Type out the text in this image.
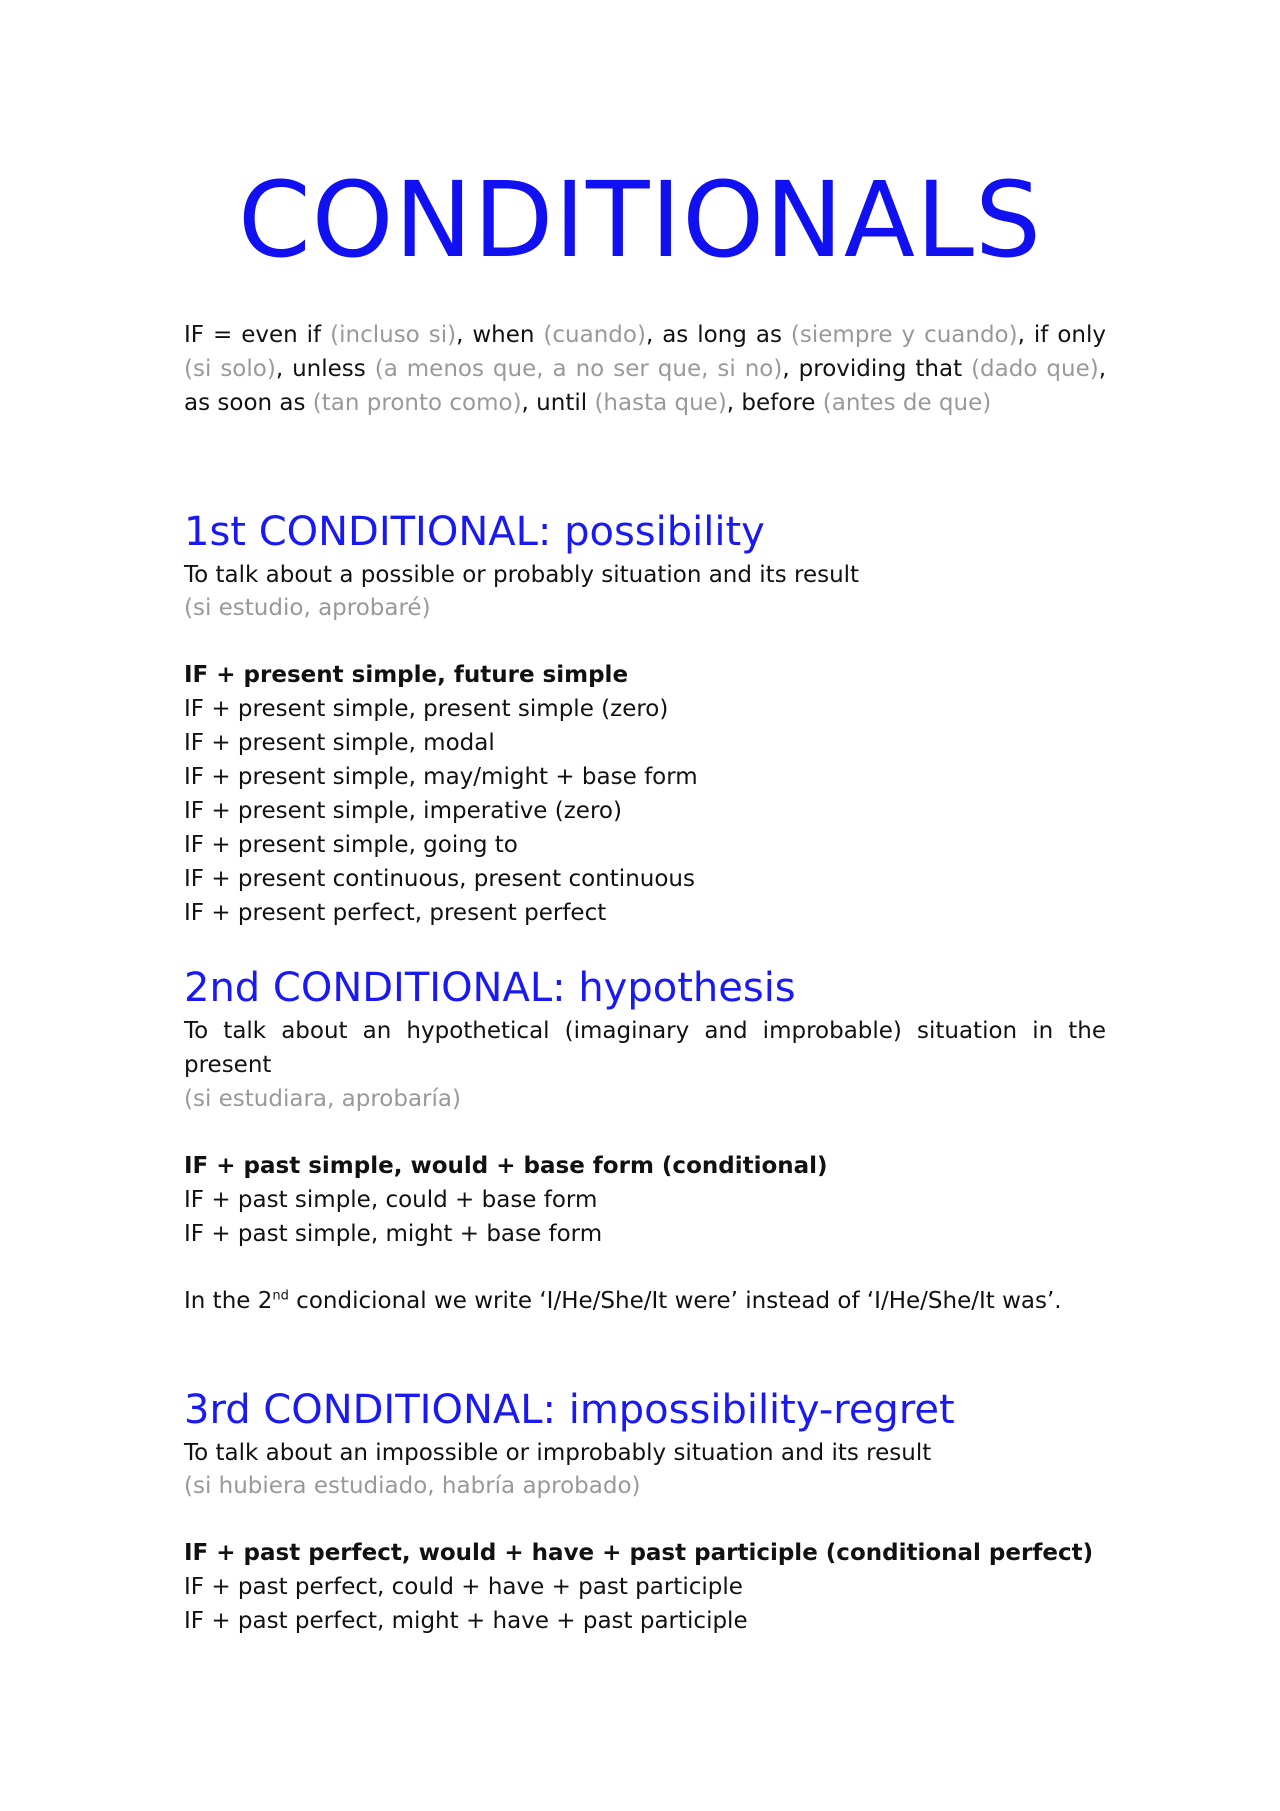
CONDITIONALS

IF = even if (incluso si), when (cuando), as long as (siempre y cuando), if only (si solo), unless (a menos que, a no ser que, si no), providing that (dado que), as soon as (tan pronto como), until (hasta que), before (antes de que)

1st CONDITIONAL: possibility
To talk about a possible or probably situation and its result
(si estudio, aprobaré)

IF + present simple, future simple

IF + present simple, present simple (zero)

IF + present simple, modal

IF + present simple, may/might + base form

IF + present simple, imperative (zero)

IF + present simple, going to

IF + present continuous, present continuous

IF + present perfect, present perfect

2nd CONDITIONAL: hypothesis
To talk about an hypothetical (imaginary and improbable) situation in the present
(si estudiara, aprobaría)

IF + past simple, would + base form (conditional)

IF + past simple, could + base form

IF + past simple, might + base form

In the 2nd condicional we write ‘I/He/She/It were’ instead of ‘I/He/She/It was’.

3rd CONDITIONAL: impossibility-regret
To talk about an impossible or improbably situation and its result
(si hubiera estudiado, habría aprobado)

IF + past perfect, would + have + past participle (conditional perfect)

IF + past perfect, could + have + past participle

IF + past perfect, might + have + past participle
